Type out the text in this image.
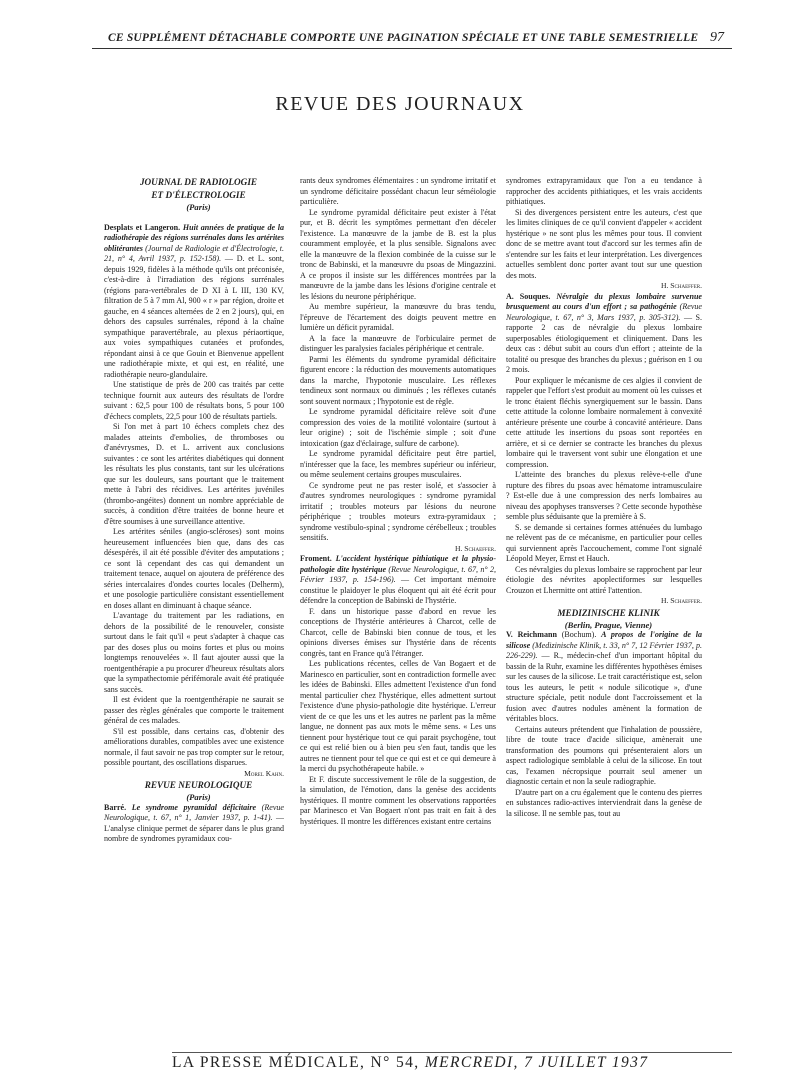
CE SUPPLÉMENT DÉTACHABLE COMPORTE UNE PAGINATION SPÉCIALE ET UNE TABLE SEMESTRIELLE 97
REVUE DES JOURNAUX

JOURNAL DE RADIOLOGIE

ET D'ÉLECTROLOGIE

(Paris)

Desplats et Langeron. Huit années de pratique de la radiothérapie des régions surrénales dans les artérites oblitérantes (Journal de Radiologie et d'Électrologie, t. 21, n° 4, Avril 1937, p. 152-158). — D. et L. sont, depuis 1929, fidèles à la méthode qu'ils ont préconisée, c'est-à-dire à l'irradiation des régions surrénales (régions para-vertébrales de D XI à L III, 130 KV, filtration de 5 à 7 mm Al, 900 « r » par région, droite et gauche, en 4 séances alternées de 2 en 2 jours), qui, en dehors des capsules surrénales, répond à la chaîne sympathique paravertébrale, au plexus périaortique, aux voies sympathiques cutanées et profondes, répondant ainsi à ce que Gouin et Bienvenue appellent une radiothérapie mixte, et qui est, en réalité, une radiothérapie neuro-glandulaire.

Une statistique de près de 200 cas traités par cette technique fournit aux auteurs des résultats de l'ordre suivant : 62,5 pour 100 de résultats bons, 5 pour 100 d'échecs complets, 22,5 pour 100 de résultats partiels.

Si l'on met à part 10 échecs complets chez des malades atteints d'embolies, de thromboses ou d'anévrysmes, D. et L. arrivent aux conclusions suivantes : ce sont les artérites diabétiques qui donnent les résultats les plus constants, tant sur les ulcérations que sur les douleurs, sans pourtant que le traitement mette à l'abri des récidives. Les artérites juvéniles (thrombo-angéites) donnent un nombre appréciable de succès, à condition d'être traitées de bonne heure et d'être soumises à une surveillance attentive.

Les artérites séniles (angio-scléroses) sont moins heureusement influencées bien que, dans des cas désespérés, il ait été possible d'éviter des amputations ; ce sont là cependant des cas qui demandent un traitement tenace, auquel on ajoutera de préférence des séries intercalaires d'ondes courtes locales (Delherm), et une posologie particulière consistant essentiellement en doses allant en diminuant à chaque séance.

L'avantage du traitement par les radiations, en dehors de la possibilité de le renouveler, consiste surtout dans le fait qu'il « peut s'adapter à chaque cas par des doses plus ou moins fortes et plus ou moins longtemps renouvelées ». Il faut ajouter aussi que la roentgenthérapie a pu procurer d'heureux résultats alors que la sympathectomie périfémorale avait été pratiquée sans succès.

Il est évident que la roentgenthérapie ne saurait se passer des règles générales que comporte le traitement général de ces malades.

S'il est possible, dans certains cas, d'obtenir des améliorations durables, compatibles avec une existence normale, il faut savoir ne pas trop compter sur le retour, possible pourtant, des oscillations disparues.

Morel Kahn.

REVUE NEUROLOGIQUE

(Paris)

Barré. Le syndrome pyramidal déficitaire (Revue Neurologique, t. 67, n° 1, Janvier 1937, p. 1-41). — L'analyse clinique permet de séparer dans le plus grand nombre de syndromes pyramidaux cou-

rants deux syndromes élémentaires : un syndrome irritatif et un syndrome déficitaire possédant chacun leur séméiologie particulière.

Le syndrome pyramidal déficitaire peut exister à l'état pur, et B. décrit les symptômes permettant d'en déceler l'existence. La manœuvre de la jambe de B. est la plus couramment employée, et la plus sensible. Signalons avec elle la manœuvre de la flexion combinée de la cuisse sur le tronc de Babinski, et la manœuvre du psoas de Mingazzini. A ce propos il insiste sur les différences montrées par la manœuvre de la jambe dans les lésions d'origine centrale et les lésions du neurone périphérique.

Au membre supérieur, la manœuvre du bras tendu, l'épreuve de l'écartement des doigts peuvent mettre en lumière un déficit pyramidal.

A la face la manœuvre de l'orbiculaire permet de distinguer les paralysies faciales périphérique et centrale.

Parmi les éléments du syndrome pyramidal déficitaire figurent encore : la réduction des mouvements automatiques dans la marche, l'hypotonie musculaire. Les réflexes tendineux sont normaux ou diminués ; les réflexes cutanés sont souvent normaux ; l'hypotonie est de règle.

Le syndrome pyramidal déficitaire relève soit d'une compression des voies de la motilité volontaire (surtout à leur origine) ; soit de l'ischémie simple ; soit d'une intoxication (gaz d'éclairage, sulfure de carbone).

Le syndrome pyramidal déficitaire peut être partiel, n'intéresser que la face, les membres supérieur ou inférieur, ou même seulement certains groupes musculaires.

Ce syndrome peut ne pas rester isolé, et s'associer à d'autres syndromes neurologiques : syndrome pyramidal irritatif ; troubles moteurs par lésions du neurone périphérique ; troubles moteurs extra-pyramidaux ; syndrome vestibulo-spinal ; syndrome cérébelleux ; troubles sensitifs.

H. Schaeffer.

Froment. L'accident hystérique pithiatique et la physio-pathologie dite hystérique (Revue Neurologique, t. 67, n° 2, Février 1937, p. 154-196). — Cet important mémoire constitue le plaidoyer le plus éloquent qui ait été écrit pour défendre la conception de Babinski de l'hystérie.

F. dans un historique passe d'abord en revue les conceptions de l'hystérie antérieures à Charcot, celle de Charcot, celle de Babinski bien connue de tous, et les opinions diverses émises sur l'hystérie dans de récents congrès, tant en France qu'à l'étranger.

Les publications récentes, celles de Van Bogaert et de Marinesco en particulier, sont en contradiction formelle avec les idées de Babinski. Elles admettent l'existence d'un fond mental particulier chez l'hystérique, elles admettent surtout l'existence d'une physio-pathologie dite hystérique. L'erreur vient de ce que les uns et les autres ne parlent pas la même langue, ne donnent pas aux mots le même sens. « Les uns tiennent pour hystérique tout ce qui parait psychogène, tout ce qui est relié bien ou à bien peu s'en faut, tandis que les autres ne tiennent pour tel que ce qui est et ce qui demeure à la merci du psychothérapeute habile. »

Et F. discute successivement le rôle de la suggestion, de la simulation, de l'émotion, dans la genèse des accidents hystériques. Il montre comment les observations rapportées par Marinesco et Van Bogaert n'ont pas trait en fait à des hystériques. Il montre les différences existant entre certains

syndromes extrapyramidaux que l'on a eu tendance à rapprocher des accidents pithiatiques, et les vrais accidents pithiatiques.

Si des divergences persistent entre les auteurs, c'est que les limites cliniques de ce qu'il convient d'appeler « accident hystérique » ne sont plus les mêmes pour tous. Il convient donc de se mettre avant tout d'accord sur les termes afin de s'entendre sur les faits et leur interprétation. Les divergences actuelles semblent donc porter avant tout sur une question des mots.

H. Schaeffer.

A. Souques. Névralgie du plexus lombaire survenue brusquement au cours d'un effort ; sa pathogénie (Revue Neurologique, t. 67, n° 3, Mars 1937, p. 305-312). — S. rapporte 2 cas de névralgie du plexus lombaire superposables étiologiquement et cliniquement. Dans les deux cas : début subit au cours d'un effort ; atteinte de la totalité ou presque des branches du plexus ; guérison en 1 ou 2 mois.

Pour expliquer le mécanisme de ces algies il convient de rappeler que l'effort s'est produit au moment où les cuisses et le tronc étaient fléchis synergiquement sur le bassin. Dans cette attitude la colonne lombaire normalement à convexité antérieure présente une courbe à concavité antérieure. Dans cette attitude les insertions du psoas sont reportées en arrière, et si ce dernier se contracte les branches du plexus lombaire qui le traversent vont subir une élongation et une compression.

L'atteinte des branches du plexus relève-t-elle d'une rupture des fibres du psoas avec hématome intramusculaire ? Est-elle due à une compression des nerfs lombaires au niveau des apophyses transverses ? Cette seconde hypothèse semble plus séduisante que la première à S.

S. se demande si certaines formes atténuées du lumbago ne relèvent pas de ce mécanisme, en particulier pour celles qui surviennent après l'accouchement, comme l'ont signalé Léopold Meyer, Ernst et Hauch.

Ces névralgies du plexus lombaire se rapprochent par leur étiologie des névrites apoplectiformes sur lesquelles Crouzon et Lhermitte ont attiré l'attention.

H. Schaeffer.

MEDIZINISCHE KLINIK

(Berlin, Prague, Vienne)

V. Reichmann (Bochum). A propos de l'origine de la silicose (Medizinische Klinik, t. 33, n° 7, 12 Février 1937, p. 226-229). — R., médecin-chef d'un important hôpital du bassin de la Ruhr, examine les différentes hypothèses émises sur les causes de la silicose. Le trait caractéristique est, selon tous les auteurs, le petit « nodule silicotique », d'une structure spéciale, petit nodule dont l'accroissement et la fusion avec d'autres nodules amènent la formation de véritables blocs.

Certains auteurs prétendent que l'inhalation de poussière, libre de toute trace d'acide silicique, amènerait une transformation des poumons qui présenteraient alors un aspect radiologique semblable à celui de la silicose. En tout cas, l'examen nécropsique pourrait seul amener un diagnostic certain et non la seule radiographie.

D'autre part on a cru également que le contenu des pierres en substances radio-actives interviendrait dans la genèse de la silicose. Il ne semble pas, tout au

LA PRESSE MÉDICALE, N° 54, MERCREDI, 7 JUILLET 1937
